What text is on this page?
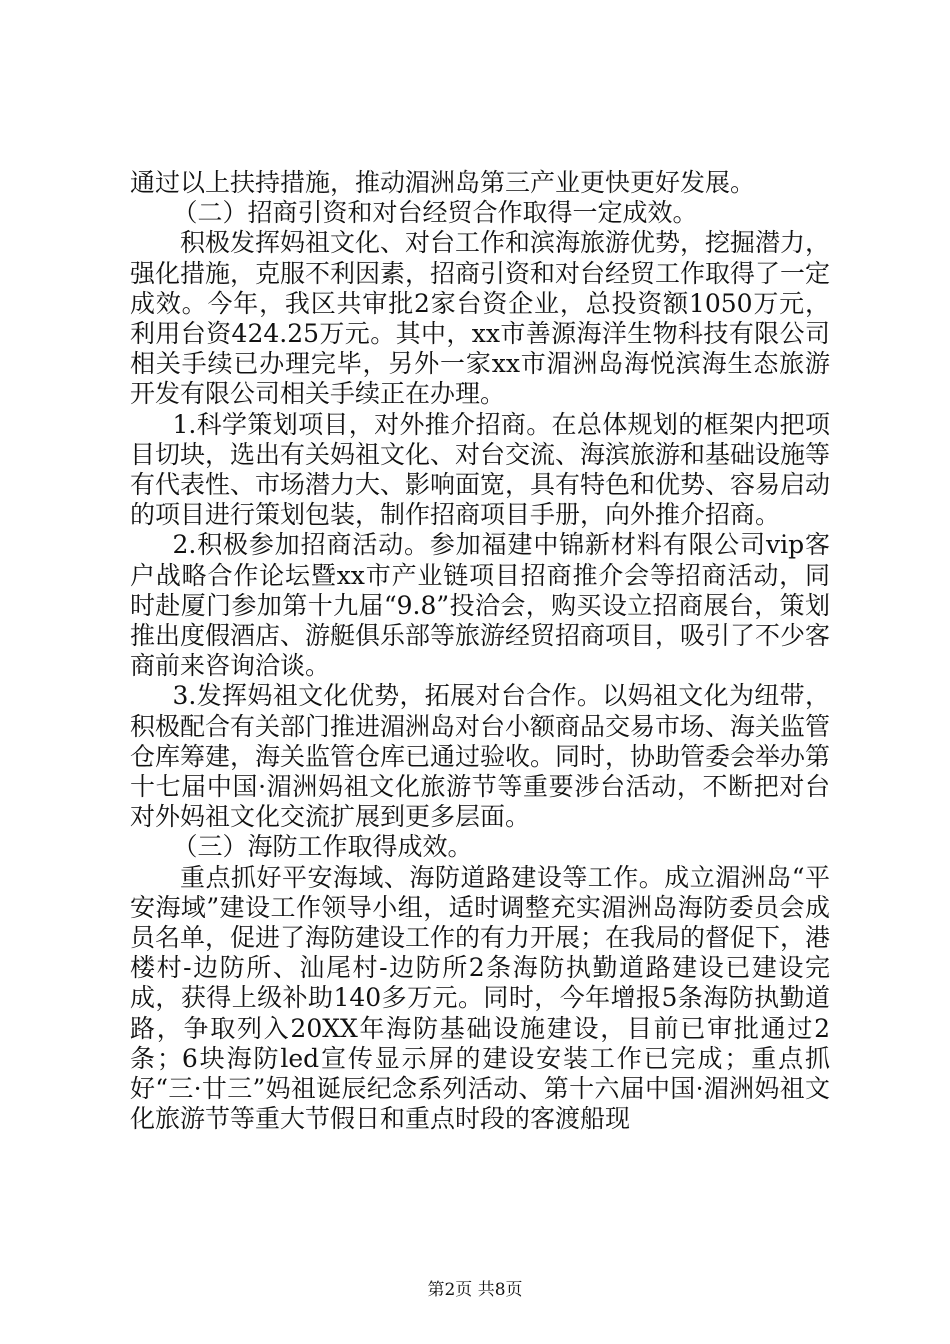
通过以上扶持措施，推动湄洲岛第三产业更快更好发展。

（二）招商引资和对台经贸合作取得一定成效。

积极发挥妈祖文化、对台工作和滨海旅游优势，挖掘潜力，强化措施，克服不利因素，招商引资和对台经贸工作取得了一定成效。今年，我区共审批2家台资企业，总投资额1050万元，利用台资424.25万元。其中，xx市善源海洋生物科技有限公司相关手续已办理完毕，另外一家xx市湄洲岛海悦滨海生态旅游开发有限公司相关手续正在办理。

1.科学策划项目，对外推介招商。在总体规划的框架内把项目切块，选出有关妈祖文化、对台交流、海滨旅游和基础设施等有代表性、市场潜力大、影响面宽，具有特色和优势、容易启动的项目进行策划包装，制作招商项目手册，向外推介招商。

2.积极参加招商活动。参加福建中锦新材料有限公司vip客户战略合作论坛暨xx市产业链项目招商推介会等招商活动，同时赴厦门参加第十九届“9.8”投洽会，购买设立招商展台，策划推出度假酒店、游艇俱乐部等旅游经贸招商项目，吸引了不少客商前来咨询洽谈。

3.发挥妈祖文化优势，拓展对台合作。以妈祖文化为纽带，积极配合有关部门推进湄洲岛对台小额商品交易市场、海关监管仓库筹建，海关监管仓库已通过验收。同时，协助管委会举办第十七届中国·湄洲妈祖文化旅游节等重要涉台活动，不断把对台对外妈祖文化交流扩展到更多层面。

（三）海防工作取得成效。

重点抓好平安海域、海防道路建设等工作。成立湄洲岛“平安海域”建设工作领导小组，适时调整充实湄洲岛海防委员会成员名单，促进了海防建设工作的有力开展；在我局的督促下，港楼村-边防所、汕尾村-边防所2条海防执勤道路建设已建设完成，获得上级补助140多万元。同时，今年增报5条海防执勤道路，争取列入20XX年海防基础设施建设，目前已审批通过2条；6块海防led宣传显示屏的建设安装工作已完成；重点抓好“三·廿三”妈祖诞辰纪念系列活动、第十六届中国·湄洲妈祖文化旅游节等重大节假日和重点时段的客渡船现

第2页 共8页
